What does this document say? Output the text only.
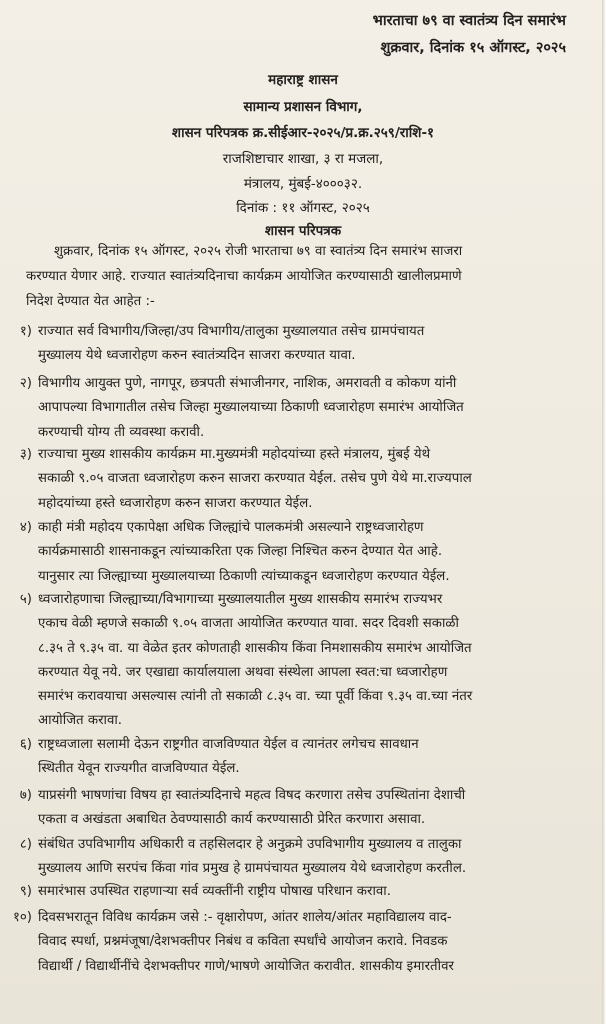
भारताचा ७९ वा स्वातंत्र्य दिन समारंभ
शुक्रवार, दिनांक १५ ऑगस्ट, २०२५
महाराष्ट्र शासन
सामान्य प्रशासन विभाग,
शासन परिपत्रक क्र.सीईआर-२०२५/प्र.क्र.२५९/राशि-१
राजशिष्टाचार शाखा, ३ रा मजला,
मंत्रालय, मुंबई-४०००३२.
दिनांक : ११ ऑगस्ट, २०२५
शासन परिपत्रक
शुक्रवार, दिनांक १५ ऑगस्ट, २०२५ रोजी भारताचा ७९ वा स्वातंत्र्य दिन समारंभ साजरा
करण्यात येणार आहे. राज्यात स्वातंत्र्यदिनाचा कार्यक्रम आयोजित करण्यासाठी खालीलप्रमाणे
निदेश देण्यात येत आहेत :-
१) राज्यात सर्व विभागीय/जिल्हा/उप विभागीय/तालुका मुख्यालयात तसेच ग्रामपंचायत
मुख्यालय येथे ध्वजारोहण करुन स्वातंत्र्यदिन साजरा करण्यात यावा.
२) विभागीय आयुक्त पुणे, नागपूर, छत्रपती संभाजीनगर, नाशिक, अमरावती व कोकण यांनी
आपापल्या विभागातील तसेच जिल्हा मुख्यालयाच्या ठिकाणी ध्वजारोहण समारंभ आयोजित
करण्याची योग्य ती व्यवस्था करावी.
३) राज्याचा मुख्य शासकीय कार्यक्रम मा.मुख्यमंत्री महोदयांच्या हस्ते मंत्रालय, मुंबई येथे
सकाळी ९.०५ वाजता ध्वजारोहण करुन साजरा करण्यात येईल. तसेच पुणे येथे मा.राज्यपाल
महोदयांच्या हस्ते ध्वजारोहण करुन साजरा करण्यात येईल.
४) काही मंत्री महोदय एकापेक्षा अधिक जिल्ह्यांचे पालकमंत्री असल्याने राष्ट्रध्वजारोहण
कार्यक्रमासाठी शासनाकडून त्यांच्याकरिता एक जिल्हा निश्चित करुन देण्यात येत आहे.
यानुसार त्या जिल्ह्याच्या मुख्यालयाच्या ठिकाणी त्यांच्याकडून ध्वजारोहण करण्यात येईल.
५) ध्वजारोहणाचा जिल्ह्याच्या/विभागाच्या मुख्यालयातील मुख्य शासकीय समारंभ राज्यभर
एकाच वेळी म्हणजे सकाळी ९.०५ वाजता आयोजित करण्यात यावा. सदर दिवशी सकाळी
८.३५ ते ९.३५ वा. या वेळेत इतर कोणताही शासकीय किंवा निमशासकीय समारंभ आयोजित
करण्यात येवू नये. जर एखाद्या कार्यालयाला अथवा संस्थेला आपला स्वत:चा ध्वजारोहण
समारंभ करावयाचा असल्यास त्यांनी तो सकाळी ८.३५ वा. च्या पूर्वी किंवा ९.३५ वा.च्या नंतर
आयोजित करावा.
६) राष्ट्रध्वजाला सलामी देऊन राष्ट्रगीत वाजविण्यात येईल व त्यानंतर लगेचच सावधान
स्थितीत येवून राज्यगीत वाजविण्यात येईल.
७) याप्रसंगी भाषणांचा विषय हा स्वातंत्र्यदिनाचे महत्व विषद करणारा तसेच उपस्थितांना देशाची
एकता व अखंडता अबाधित ठेवण्यासाठी कार्य करण्यासाठी प्रेरित करणारा असावा.
८) संबंधित उपविभागीय अधिकारी व तहसिलदार हे अनुक्रमे उपविभागीय मुख्यालय व तालुका
मुख्यालय आणि सरपंच किंवा गांव प्रमुख हे ग्रामपंचायत मुख्यालय येथे ध्वजारोहण करतील.
९) समारंभास उपस्थित राहणाऱ्या सर्व व्यक्तींनी राष्ट्रीय पोषाख परिधान करावा.
१०) दिवसभरातून विविध कार्यक्रम जसे :- वृक्षारोपण, आंतर शालेय/आंतर महाविद्यालय वाद-
विवाद स्पर्धा, प्रश्नमंजूषा/देशभक्तीपर निबंध व कविता स्पर्धांचे आयोजन करावे. निवडक
विद्यार्थी / विद्यार्थीनींचे देशभक्तीपर गाणे/भाषणे आयोजित करावीत. शासकीय इमारतीवर
